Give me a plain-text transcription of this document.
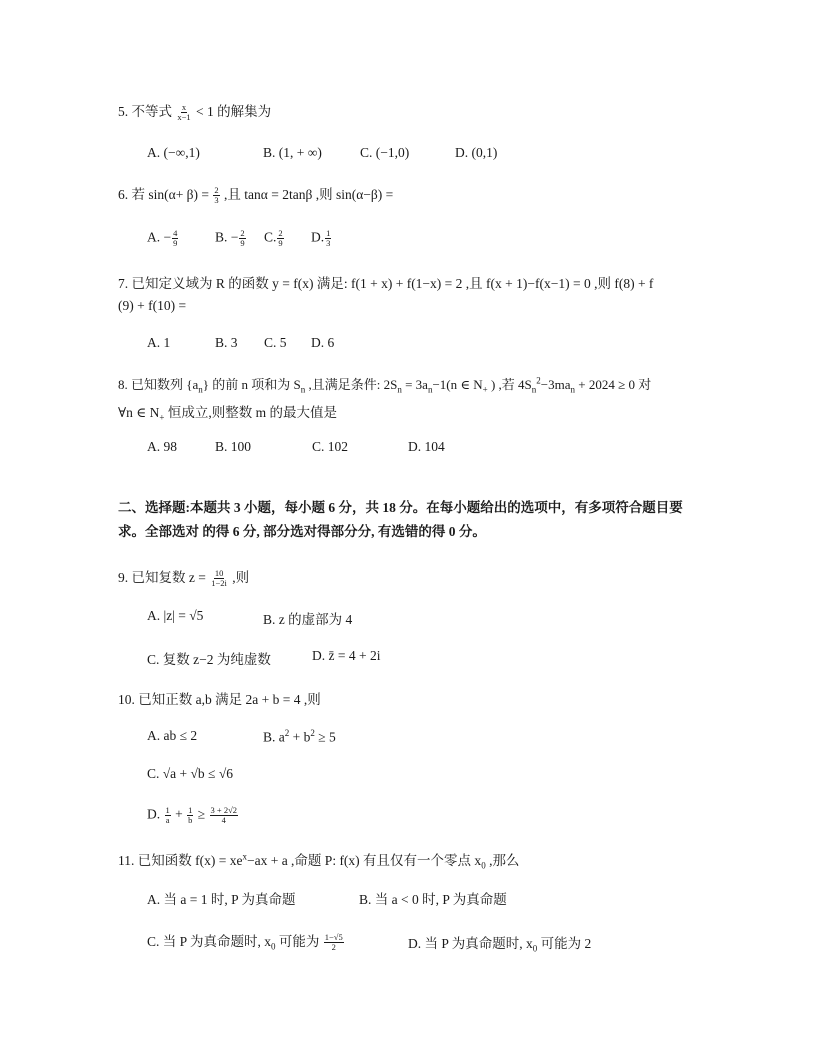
5. 不等式 $\frac{x}{x-1} < 1$ 的解集为
A. (−∞,1)	B. (1, + ∞)	C. (−1,0)	D. (0,1)
6. 若 $\sin(\alpha+ \beta) = \frac{2}{3}$ ,且 tanα = 2tanβ ,则 sin(α−β) =
A. − $\frac{4}{9}$	B. − $\frac{2}{9} C$. $\frac{2}{9} D$. $\frac{1}{3}$
7. 已知定义域为 R 的函数 y = f(x) 满足: f(1 + x) + f(1−x) = 2 ,且 f(x + 1)−f(x−1) = 0 ,则 f(8) + f
(9) + f(10) =
A. 1	B. 3 C. 5 D. 6
8. 已知数列 $\{a_n\}$ 的前 n 项和为 $S_n$ ,且满足条件: $2S_n = 3a_n-1(n$ ∈ $N_+$ ) ,若 $4S_n^2-3ma_n + 2024 \ge 0$ 对
∀n ∈ $N_+$ 恒成立,则整数 m 的最大值是
A. 98	B. 100	C. 102	D. 104
二、选择题:本题共 3 小题，每小题 6 分，共 18 分。在每小题给出的选项中，有多项符合题目要求。全部选对 的得 6 分, 部分选对得部分分, 有选错的得 0 分。
9. 已知复数 $z = \frac{10}{1-2i}$ ,则
A. |z| = √5	B. z 的虚部为 4
C. 复数 z−2 为纯虚数	D. z̄ = 4 + 2i
10. 已知正数 a,b 满足 2a + b = 4 ,则
A. ab ≤ 2	B. $a^2 + b^2 \ge 5$
C. √a + √b ≤ √6
D. $\frac{1}{a} + \frac{1}{b} \ge \frac{3 + 2√2}{4}$
11. 已知函数 $f(x) = xe^x-ax + a$ ,命题 P: f(x) 有且仅有一个零点 $x_0$ ,那么
A. 当 a = 1 时, P 为真命题	B. 当 a < 0 时, P 为真命题
C. 当 P 为真命题时, $x_0$ 可能为 $\frac{1-√5}{2}$	D. 当 P 为真命题时, $x_0$ 可能为 2
